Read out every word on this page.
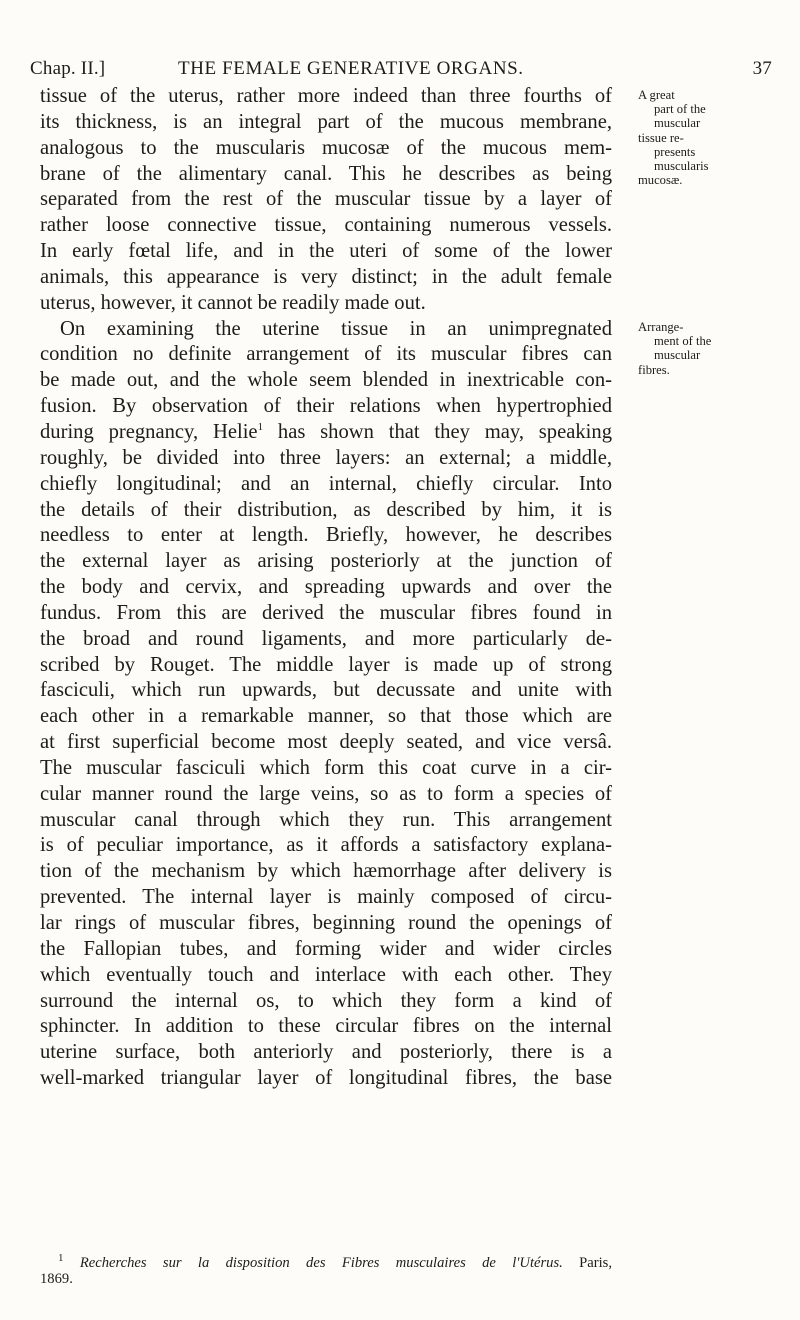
Chap. II.]	THE FEMALE GENERATIVE ORGANS.	37
tissue of the uterus, rather more indeed than three fourths of
its thickness, is an integral part of the mucous membrane,
analogous to the muscularis mucosæ of the mucous mem-
brane of the alimentary canal. This he describes as being
separated from the rest of the muscular tissue by a layer of
rather loose connective tissue, containing numerous vessels.
In early fœtal life, and in the uteri of some of the lower
animals, this appearance is very distinct; in the adult female
uterus, however, it cannot be readily made out.
On examining the uterine tissue in an unimpregnated
condition no definite arrangement of its muscular fibres can
be made out, and the whole seem blended in inextricable con-
fusion. By observation of their relations when hypertrophied
during pregnancy, Helie$^1$ has shown that they may, speaking
roughly, be divided into three layers: an external; a middle,
chiefly longitudinal; and an internal, chiefly circular. Into
the details of their distribution, as described by him, it is
needless to enter at length. Briefly, however, he describes
the external layer as arising posteriorly at the junction of
the body and cervix, and spreading upwards and over the
fundus. From this are derived the muscular fibres found in
the broad and round ligaments, and more particularly de-
scribed by Rouget. The middle layer is made up of strong
fasciculi, which run upwards, but decussate and unite with
each other in a remarkable manner, so that those which are
at first superficial become most deeply seated, and vice versâ.
The muscular fasciculi which form this coat curve in a cir-
cular manner round the large veins, so as to form a species of
muscular canal through which they run. This arrangement
is of peculiar importance, as it affords a satisfactory explana-
tion of the mechanism by which hæmorrhage after delivery is
prevented. The internal layer is mainly composed of circu-
lar rings of muscular fibres, beginning round the openings of
the Fallopian tubes, and forming wider and wider circles
which eventually touch and interlace with each other. They
surround the internal os, to which they form a kind of
sphincter. In addition to these circular fibres on the internal
uterine surface, both anteriorly and posteriorly, there is a
well-marked triangular layer of longitudinal fibres, the base
A great
part of the
muscular
tissue re-
presents
muscularis
mucosæ.
Arrange-
ment of the
muscular
fibres.
$^1$ Recherches sur la disposition des Fibres musculaires de l'Utérus. Paris,
1869.
